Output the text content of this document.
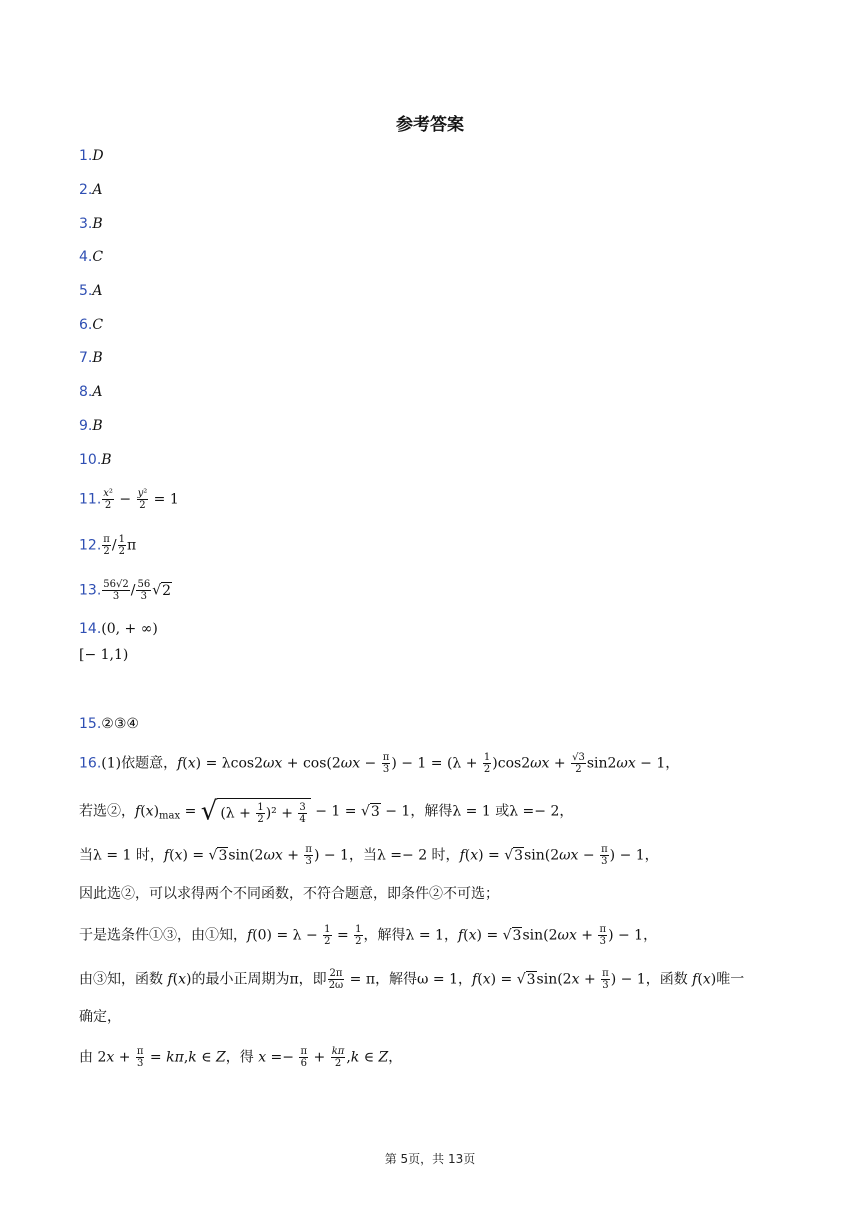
参考答案
1.D
2.A
3.B
4.C
5.A
6.C
7.B
8.A
9.B
10.B
11. $\frac{\text{x²}}{2} - \frac{\text{y²}}{2} = 1$
12. $\frac{\pi}{2} / \frac{1}{2}$ π
13. $\frac{56√2}{3} / \frac{56}{3} √2$
14.(0, + ∞)
[− 1,1)
15.②③④
16.(1)依题意，$f(x) = \lambda\cos 2\omega x + \cos(2\omega x - \frac{\pi}{3}$ ) − $1 = (\lambda + \frac{1}{2} )\cos 2\omega x + \frac{√3}{2} \sin 2\omega x - 1$，
若选②，$f(x)_{max}$ = √ $(\lambda + \frac{1}{2} )^2 + \frac{3}{4} - 1 = √3 - 1$，解得λ = 1 或λ =− 2，
当λ = 1 时，$f(x) = √3\sin(2\omega x + \frac{\pi}{3}$ ) − 1，当λ =− 2 时，$f(x) = √3\sin(2\omega x - \frac{\pi}{3}$ ) − 1，
因此选②，可以求得两个不同函数，不符合题意，即条件②不可选；
于是选条件①③，由①知，$f(0) = \lambda - \frac{1}{2} = \frac{1}{2}$ ，解得λ = 1，$f(x) = √3\sin(2\omega x + \frac{\pi}{3}$ ) − 1，
由③知，函数 f(x)的最小正周期为π，即 $\frac{2\pi}{2\omega} = \pi$，解得ω = 1，$f(x) = √3\sin(2x + \frac{\pi}{3}$ ) − 1，函数 f(x)唯一
确定，
由 $2x + \frac{\pi}{3} = k\pi,k$ ∈ Z，得 $x =- \frac{\pi}{6} + \frac{k\pi}{2} ,k$ ∈ Z，
第 5页，共 13页
